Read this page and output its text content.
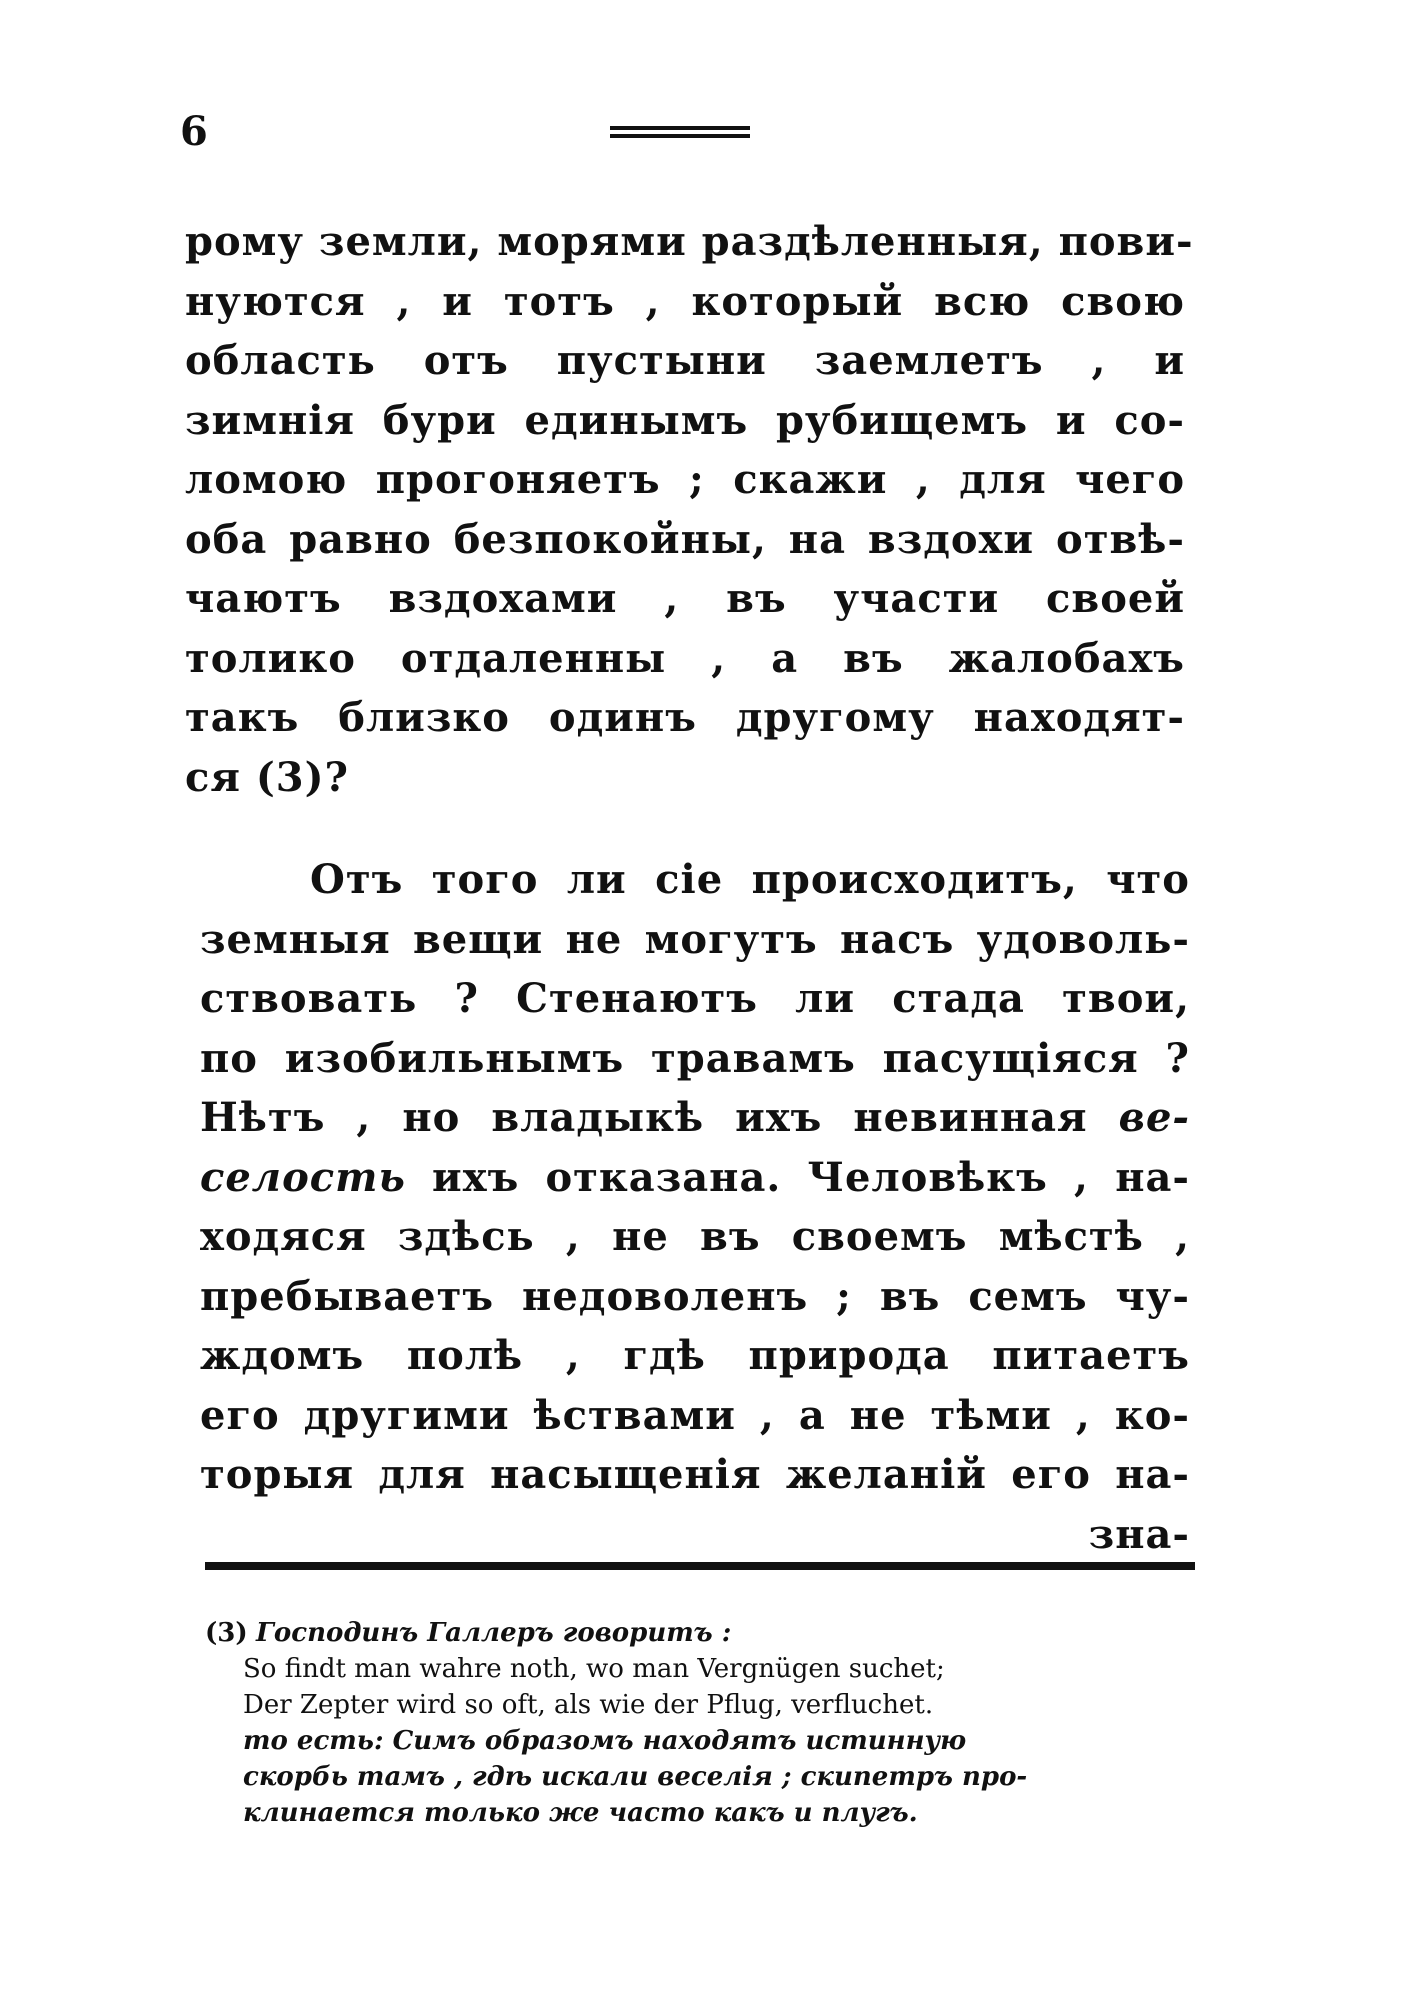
6
рому земли, морями раздѣленныя, пови-
нуются , и тотъ , который всю свою
область отъ пустыни заемлетъ , и
зимнія бури единымъ рубищемъ и со-
ломою прогоняетъ ; скажи , для чего
оба равно безпокойны, на вздохи отвѣ-
чаютъ вздохами , въ участи своей
толико отдаленны , а въ жалобахъ
такъ близко одинъ другому находят-
ся (3)?
Отъ того ли сіе происходитъ, что
земныя вещи не могутъ насъ удоволь-
ствовать ? Стенаютъ ли стада твои,
по изобильнымъ травамъ пасущіяся ?
Нѣтъ , но владыкѣ ихъ невинная ве-
селость ихъ отказана. Человѣкъ , на-
ходяся здѣсь , не въ своемъ мѣстѣ ,
пребываетъ недоволенъ ; въ семъ чу-
ждомъ полѣ , гдѣ природа питаетъ
его другими ѣствами , а не тѣми , ко-
торыя для насыщенія желаній его на-
зна-
(3) Господинъ Галлеръ говоритъ :
So findt man wahre noth, wo man Vergnügen suchet;
Der Zepter wird so oft, als wie der Pflug, verfluchet.
то есть: Симъ образомъ находятъ истинную
скорбь тамъ , гдѣ искали веселія ; скипетръ про-
клинается только же часто какъ и плугъ.
